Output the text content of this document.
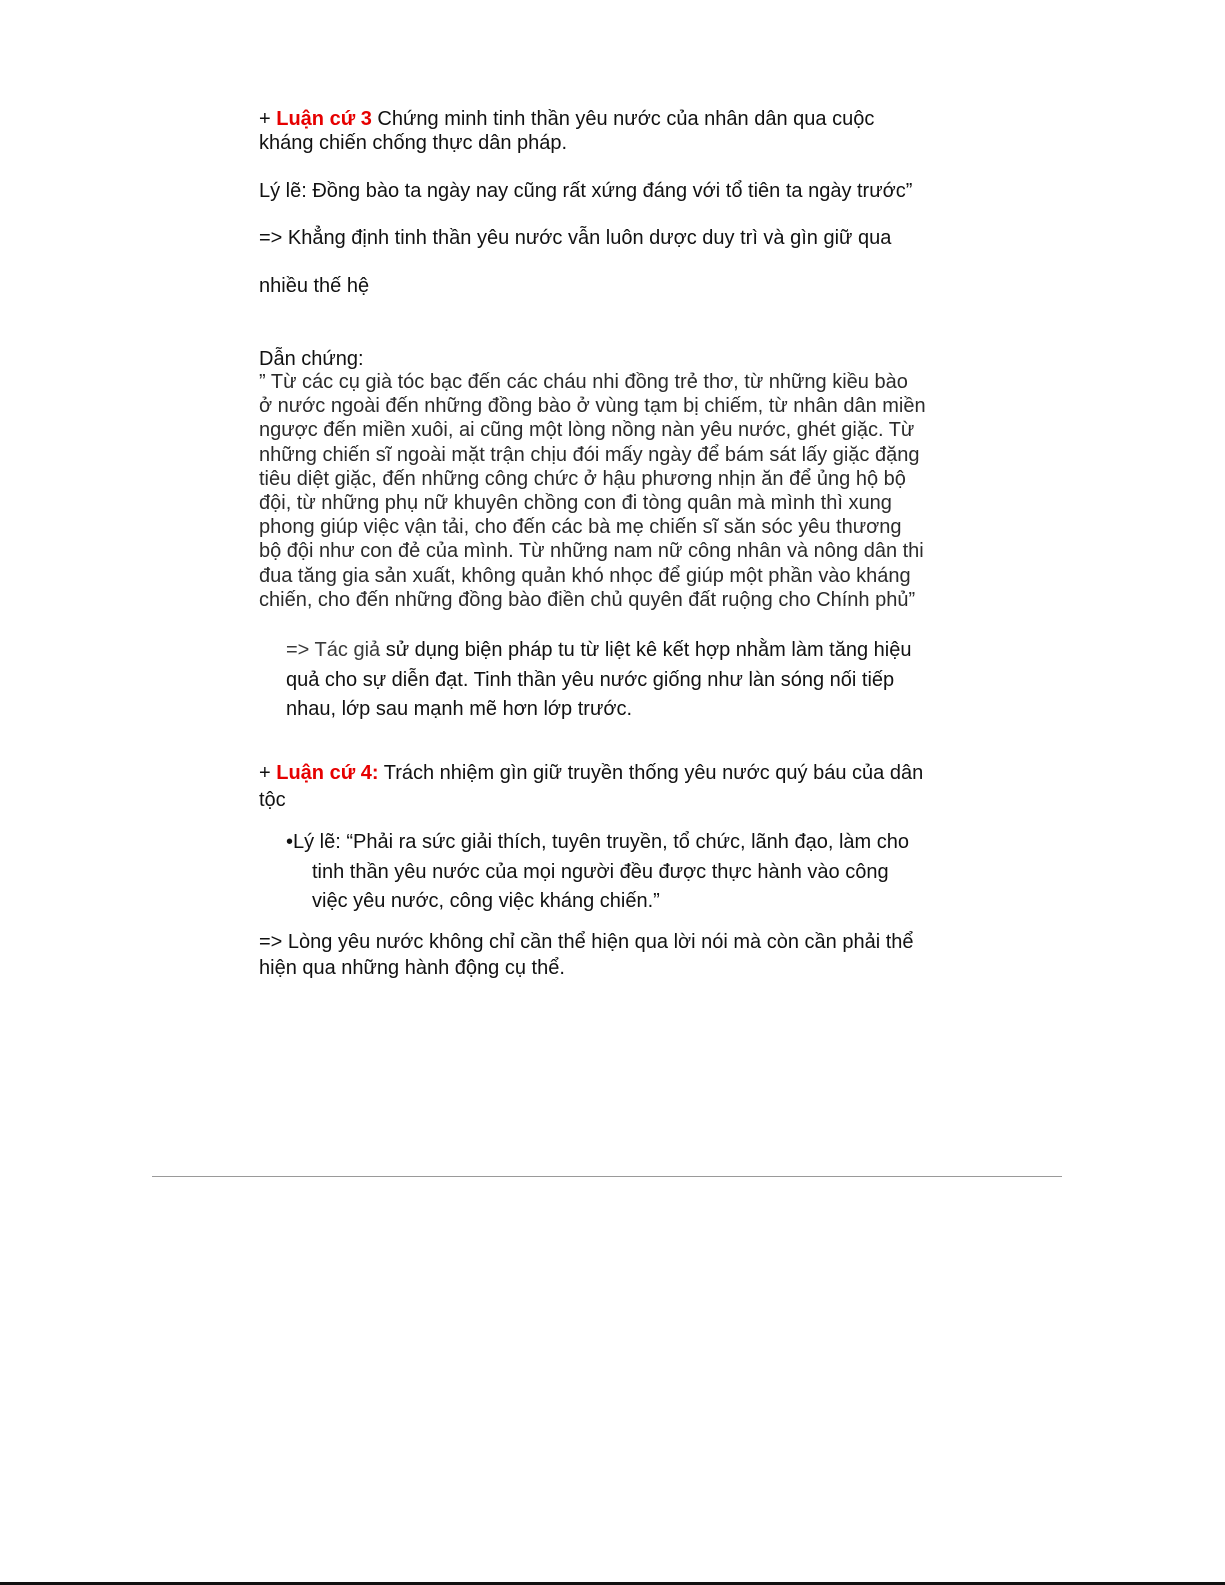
+ Luận cứ 3 Chứng minh tinh thần yêu nước của nhân dân qua cuộc
kháng chiến chống thực dân pháp.
Lý lẽ: Đồng bào ta ngày nay cũng rất xứng đáng với tổ tiên ta ngày trước”
=> Khẳng định tinh thần yêu nước vẫn luôn dược duy trì và gìn giữ qua
nhiều thế hệ
Dẫn chứng:
” Từ các cụ già tóc bạc đến các cháu nhi đồng trẻ thơ, từ những kiều bào
ở nước ngoài đến những đồng bào ở vùng tạm bị chiếm, từ nhân dân miền
ngược đến miền xuôi, ai cũng một lòng nồng nàn yêu nước, ghét giặc. Từ
những chiến sĩ ngoài mặt trận chịu đói mấy ngày để bám sát lấy giặc đặng
tiêu diệt giặc, đến những công chức ở hậu phương nhịn ăn để ủng hộ bộ
đội, từ những phụ nữ khuyên chồng con đi tòng quân mà mình thì xung
phong giúp việc vận tải, cho đến các bà mẹ chiến sĩ săn sóc yêu thương
bộ đội như con đẻ của mình. Từ những nam nữ công nhân và nông dân thi
đua tăng gia sản xuất, không quản khó nhọc để giúp một phần vào kháng
chiến, cho đến những đồng bào điền chủ quyên đất ruộng cho Chính phủ”
=> Tác giả sử dụng biện pháp tu từ liệt kê kết hợp nhằm làm tăng hiệu
quả cho sự diễn đạt. Tinh thần yêu nước giống như làn sóng nối tiếp
nhau, lớp sau mạnh mẽ hơn lớp trước.
+ Luận cứ 4: Trách nhiệm gìn giữ truyền thống yêu nước quý báu của dân
tộc
•Lý lẽ: “Phải ra sức giải thích, tuyên truyền, tổ chức, lãnh đạo, làm cho
tinh thần yêu nước của mọi người đều được thực hành vào công
việc yêu nước, công việc kháng chiến.”
=> Lòng yêu nước không chỉ cần thể hiện qua lời nói mà còn cần phải thể
hiện qua những hành động cụ thể.
